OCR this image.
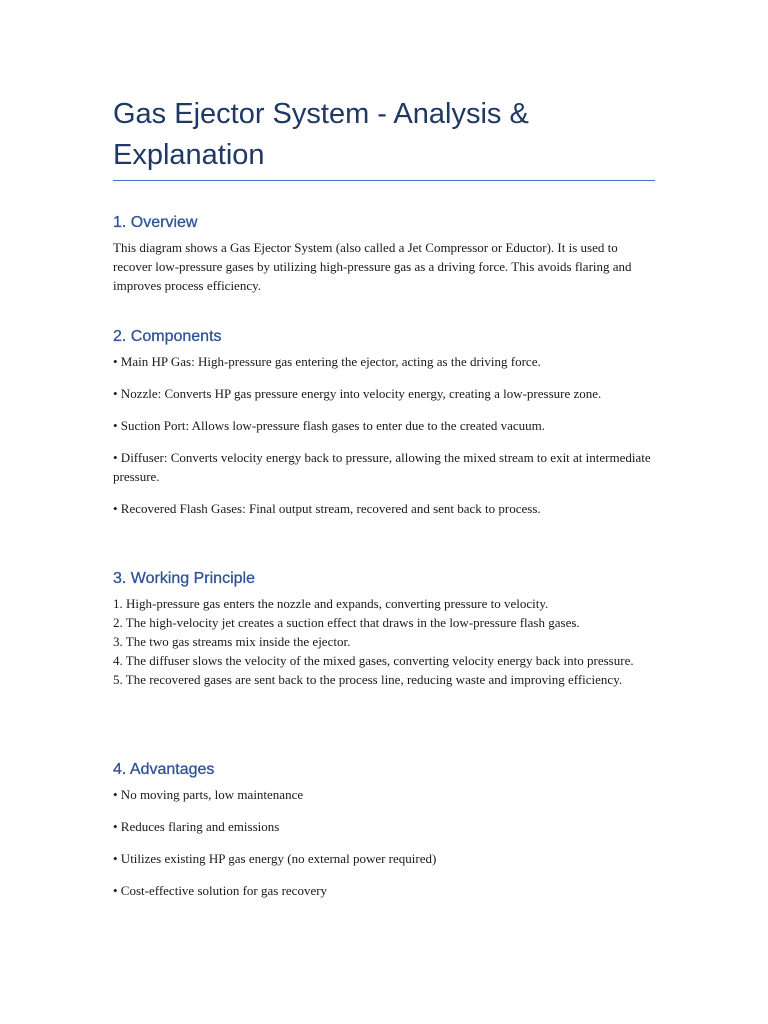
Gas Ejector System - Analysis & Explanation
1. Overview

This diagram shows a Gas Ejector System (also called a Jet Compressor or Eductor). It is used to recover low-pressure gases by utilizing high-pressure gas as a driving force. This avoids flaring and improves process efficiency.

2. Components
• Main HP Gas: High-pressure gas entering the ejector, acting as the driving force.
• Nozzle: Converts HP gas pressure energy into velocity energy, creating a low-pressure zone.
• Suction Port: Allows low-pressure flash gases to enter due to the created vacuum.
• Diffuser: Converts velocity energy back to pressure, allowing the mixed stream to exit at intermediate pressure.
• Recovered Flash Gases: Final output stream, recovered and sent back to process.
3. Working Principle
1. High-pressure gas enters the nozzle and expands, converting pressure to velocity.
2. The high-velocity jet creates a suction effect that draws in the low-pressure flash gases.
3. The two gas streams mix inside the ejector.
4. The diffuser slows the velocity of the mixed gases, converting velocity energy back into pressure.
5. The recovered gases are sent back to the process line, reducing waste and improving efficiency.
4. Advantages
• No moving parts, low maintenance
• Reduces flaring and emissions
• Utilizes existing HP gas energy (no external power required)
• Cost-effective solution for gas recovery
